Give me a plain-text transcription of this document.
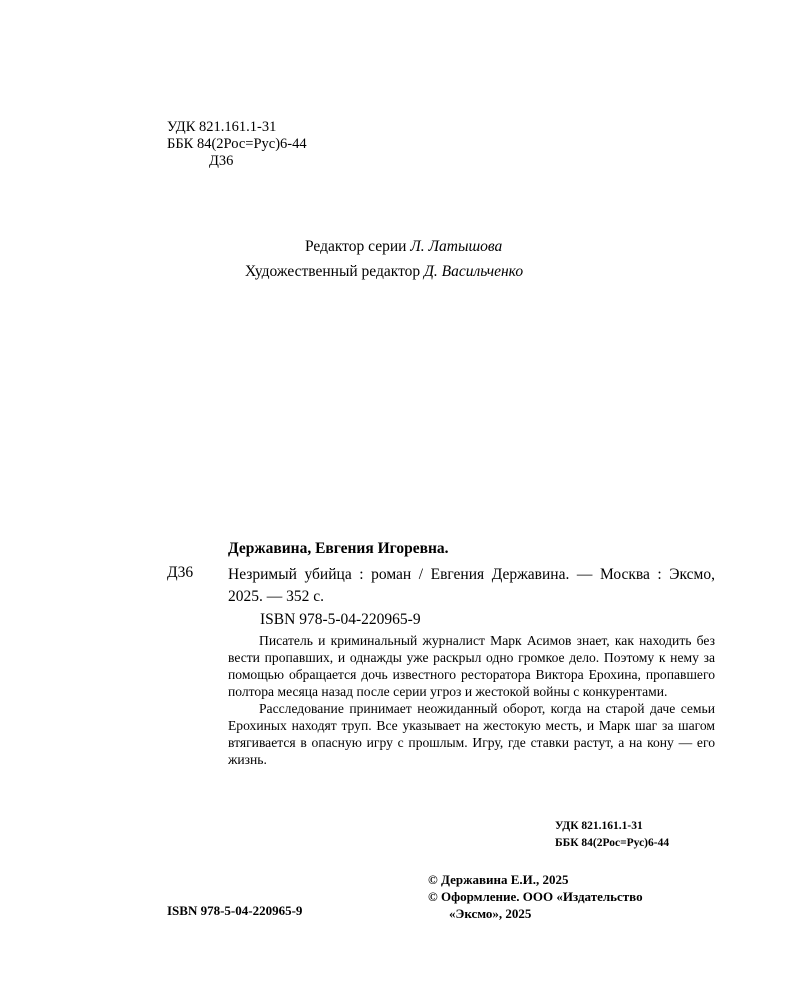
УДК 821.161.1-31
ББК 84(2Рос=Рус)6-44
Д36
Редактор серии Л. Латышова
Художественный редактор Д. Васильченко
Державина, Евгения Игоревна.
Д36 Незримый убийца : роман / Евгения Державина. — Москва : Эксмо, 2025. — 352 с.
ISBN 978-5-04-220965-9

Писатель и криминальный журналист Марк Асимов знает, как находить без вести пропавших, и однажды уже раскрыл одно громкое дело. Поэтому к нему за помощью обращается дочь известного ресторатора Виктора Ерохина, пропавшего полтора месяца назад после серии угроз и жестокой войны с конкурентами.

Расследование принимает неожиданный оборот, когда на старой даче семьи Ерохиных находят труп. Все указывает на жестокую месть, и Марк шаг за шагом втягивается в опасную игру с прошлым. Игру, где ставки растут, а на кону — его жизнь.

УДК 821.161.1-31
ББК 84(2Рос=Рус)6-44
© Державина Е.И., 2025
© Оформление. ООО «Издательство
«Эксмо», 2025
ISBN 978-5-04-220965-9
